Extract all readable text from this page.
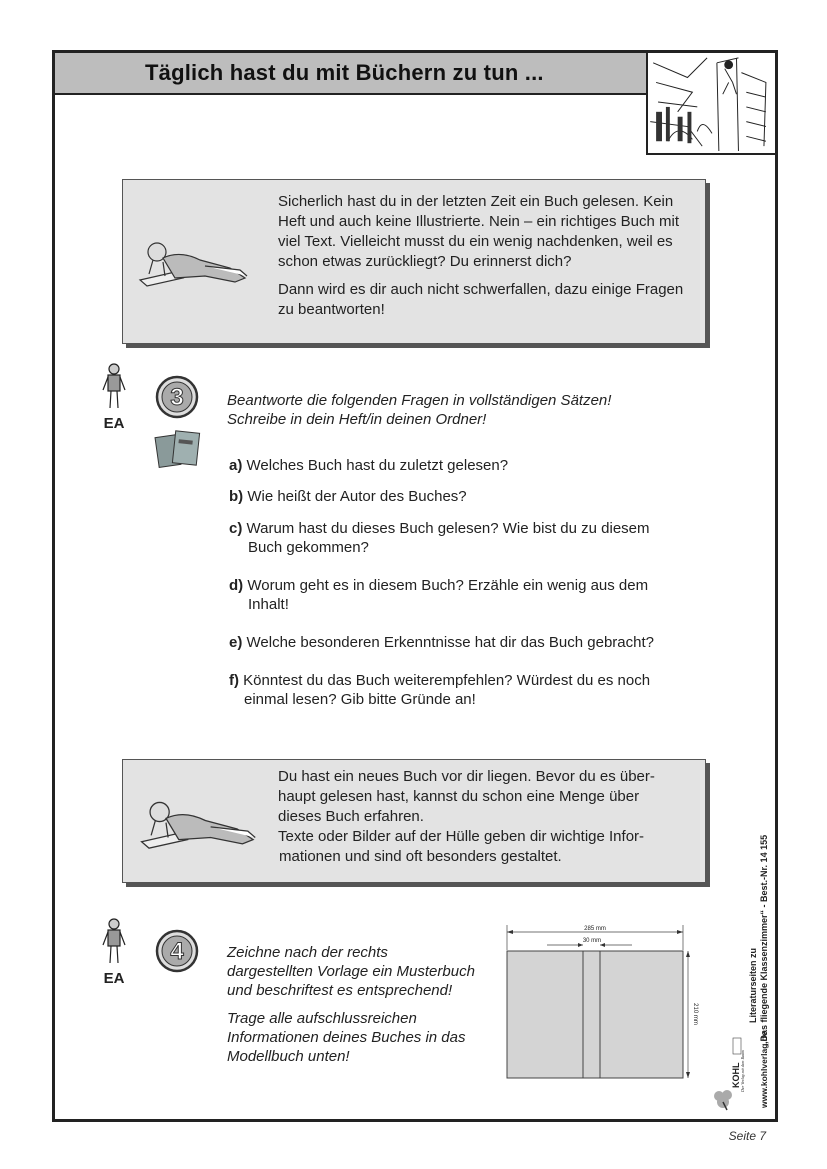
Täglich hast du mit Büchern zu tun ...

Sicherlich hast du in der letzten Zeit ein Buch gelesen. Kein Heft und auch keine Illustrierte. Nein – ein richtiges Buch mit viel Text. Vielleicht musst du ein wenig nachdenken, weil es schon etwas zurückliegt? Du erinnerst dich?

Dann wird es dir auch nicht schwerfallen, dazu einige Fragen zu beantworten!

EA
3	Beantworte die folgenden Fragen in vollständigen Sätzen!

Schreibe in dein Heft/in deinen Ordner!

a) Welches Buch hast du zuletzt gelesen?
b) Wie heißt der Autor des Buches?
c) Warum hast du dieses Buch gelesen? Wie bist du zu diesem
Buch gekommen?
d) Worum geht es in diesem Buch? Erzähle ein wenig aus dem
Inhalt!
e) Welche besonderen Erkenntnisse hat dir das Buch gebracht?
f) Könntest du das Buch weiterempfehlen? Würdest du es noch
einmal lesen? Gib bitte Gründe an!

Du hast ein neues Buch vor dir liegen. Bevor du es über-

haupt gelesen hast, kannst du schon eine Menge über

dieses Buch erfahren.

Texte oder Bilder auf der Hülle geben dir wichtige Infor-

mationen und sind oft besonders gestaltet.

EA
4	Zeichne nach der rechts dargestellten Vorlage ein Musterbuch und beschriftest es entsprechend!

Trage alle aufschlussreichen Informationen deines Buches in das Modellbuch unten!

285 mm
30 mm
210 mm	Literaturseiten zu „Das fliegende Klassenzimmer“ - Best.-Nr. 14 155
www.kohlverlag.de
KOHL Der Verlag mit dem Baum
Seite 7
